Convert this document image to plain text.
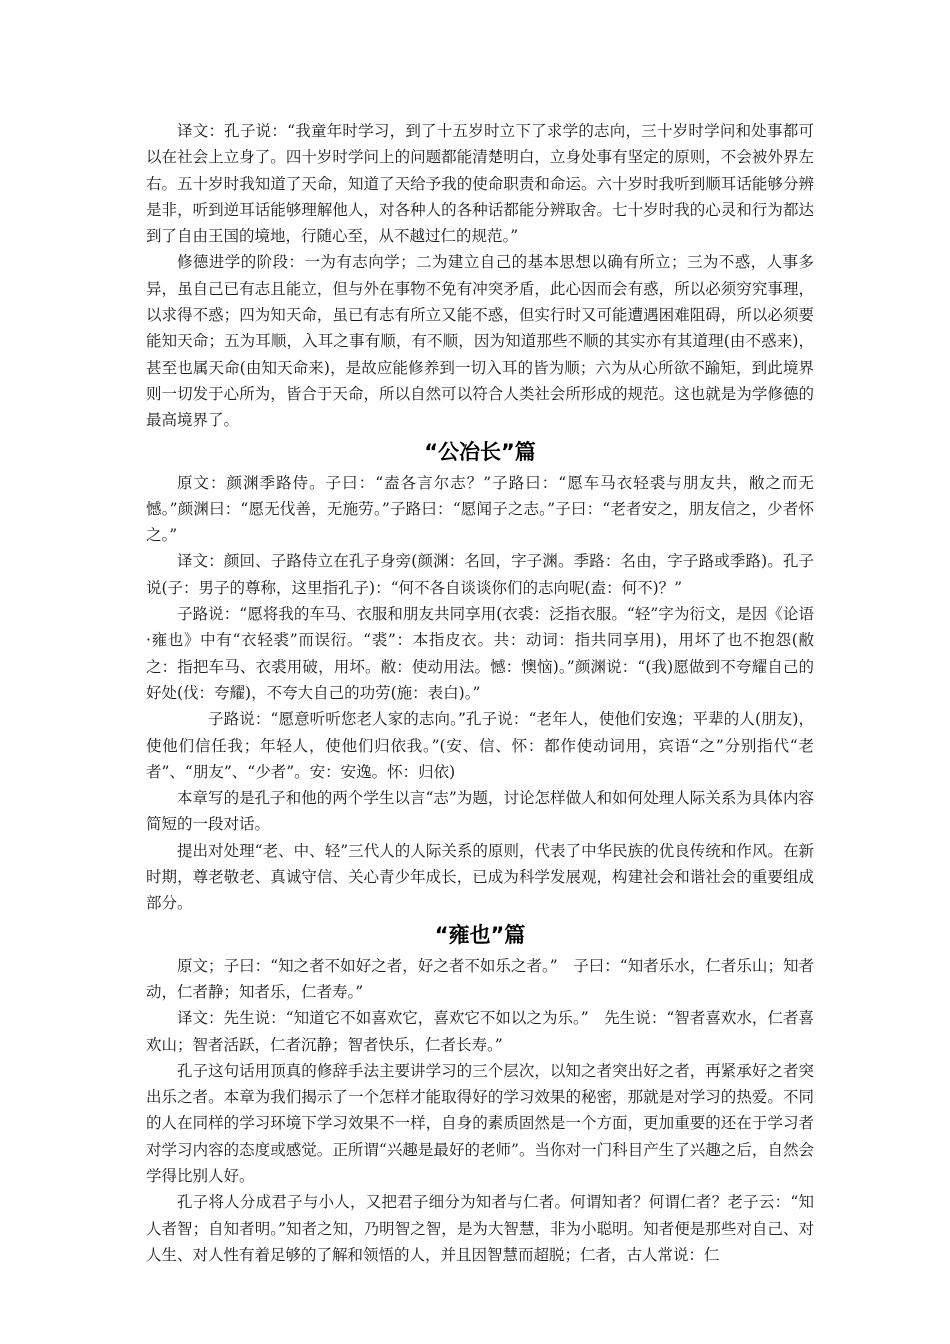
译文：孔子说：“我童年时学习，到了十五岁时立下了求学的志向，三十岁时学问和处事都可以在社会上立身了。四十岁时学问上的问题都能清楚明白，立身处事有坚定的原则，不会被外界左右。五十岁时我知道了天命，知道了天给予我的使命职责和命运。六十岁时我听到顺耳话能够分辨是非，听到逆耳话能够理解他人，对各种人的各种话都能分辨取舍。七十岁时我的心灵和行为都达到了自由王国的境地，行随心至，从不越过仁的规范。”

修德进学的阶段：一为有志向学；二为建立自己的基本思想以确有所立；三为不惑，人事多异，虽自己已有志且能立，但与外在事物不免有冲突矛盾，此心因而会有惑，所以必须穷究事理，以求得不惑；四为知天命，虽已有志有所立又能不惑，但实行时又可能遭遇困难阻碍，所以必须要能知天命；五为耳顺，入耳之事有顺，有不顺，因为知道那些不顺的其实亦有其道理(由不惑来)，甚至也属天命(由知天命来)，是故应能修养到一切入耳的皆为顺；六为从心所欲不踰矩，到此境界则一切发于心所为，皆合于天命，所以自然可以符合人类社会所形成的规范。这也就是为学修德的最高境界了。

“公冶长”篇

原文：颜渊季路侍。子曰：“盍各言尔志？”子路曰：“愿车马衣轻裘与朋友共，敝之而无憾。”颜渊曰：“愿无伐善，无施劳。”子路曰：“愿闻子之志。”子曰：“老者安之，朋友信之，少者怀之。”

译文：颜回、子路侍立在孔子身旁(颜渊：名回，字子渊。季路：名由，字子路或季路)。孔子说(子：男子的尊称，这里指孔子)：“何不各自谈谈你们的志向呢(盍：何不)？”

子路说：“愿将我的车马、衣服和朋友共同享用(衣裘：泛指衣服。“轻”字为衍文，是因《论语·雍也》中有“衣轻裘”而误衍。“裘”：本指皮衣。共：动词：指共同享用)，用坏了也不抱怨(敝之：指把车马、衣裘用破，用坏。敝：使动用法。憾：懊恼)。”颜渊说：“(我)愿做到不夸耀自己的好处(伐：夸耀)，不夸大自己的功劳(施：表白)。”

子路说：“愿意听听您老人家的志向。”孔子说：“老年人，使他们安逸；平辈的人(朋友)，使他们信任我；年轻人，使他们归依我。”(安、信、怀：都作使动词用，宾语“之”分别指代“老者”、“朋友”、“少者”。安：安逸。怀：归依)

本章写的是孔子和他的两个学生以言“志”为题，讨论怎样做人和如何处理人际关系为具体内容简短的一段对话。

提出对处理“老、中、轻”三代人的人际关系的原则，代表了中华民族的优良传统和作风。在新时期，尊老敬老、真诚守信、关心青少年成长，已成为科学发展观，构建社会和谐社会的重要组成部分。

“雍也”篇

原文；子曰：“知之者不如好之者，好之者不如乐之者。”　子曰：“知者乐水，仁者乐山；知者动，仁者静；知者乐，仁者寿。”

译文：先生说：“知道它不如喜欢它，喜欢它不如以之为乐。”　先生说：“智者喜欢水，仁者喜欢山；智者活跃，仁者沉静；智者快乐，仁者长寿。”

孔子这句话用顶真的修辞手法主要讲学习的三个层次，以知之者突出好之者，再紧承好之者突出乐之者。本章为我们揭示了一个怎样才能取得好的学习效果的秘密，那就是对学习的热爱。不同的人在同样的学习环境下学习效果不一样，自身的素质固然是一个方面，更加重要的还在于学习者对学习内容的态度或感觉。正所谓“兴趣是最好的老师”。当你对一门科目产生了兴趣之后，自然会学得比别人好。

孔子将人分成君子与小人，又把君子细分为知者与仁者。何谓知者？何谓仁者？老子云：“知人者智；自知者明。”知者之知，乃明智之智，是为大智慧，非为小聪明。知者便是那些对自己、对人生、对人性有着足够的了解和领悟的人，并且因智慧而超脱；仁者，古人常说：仁
